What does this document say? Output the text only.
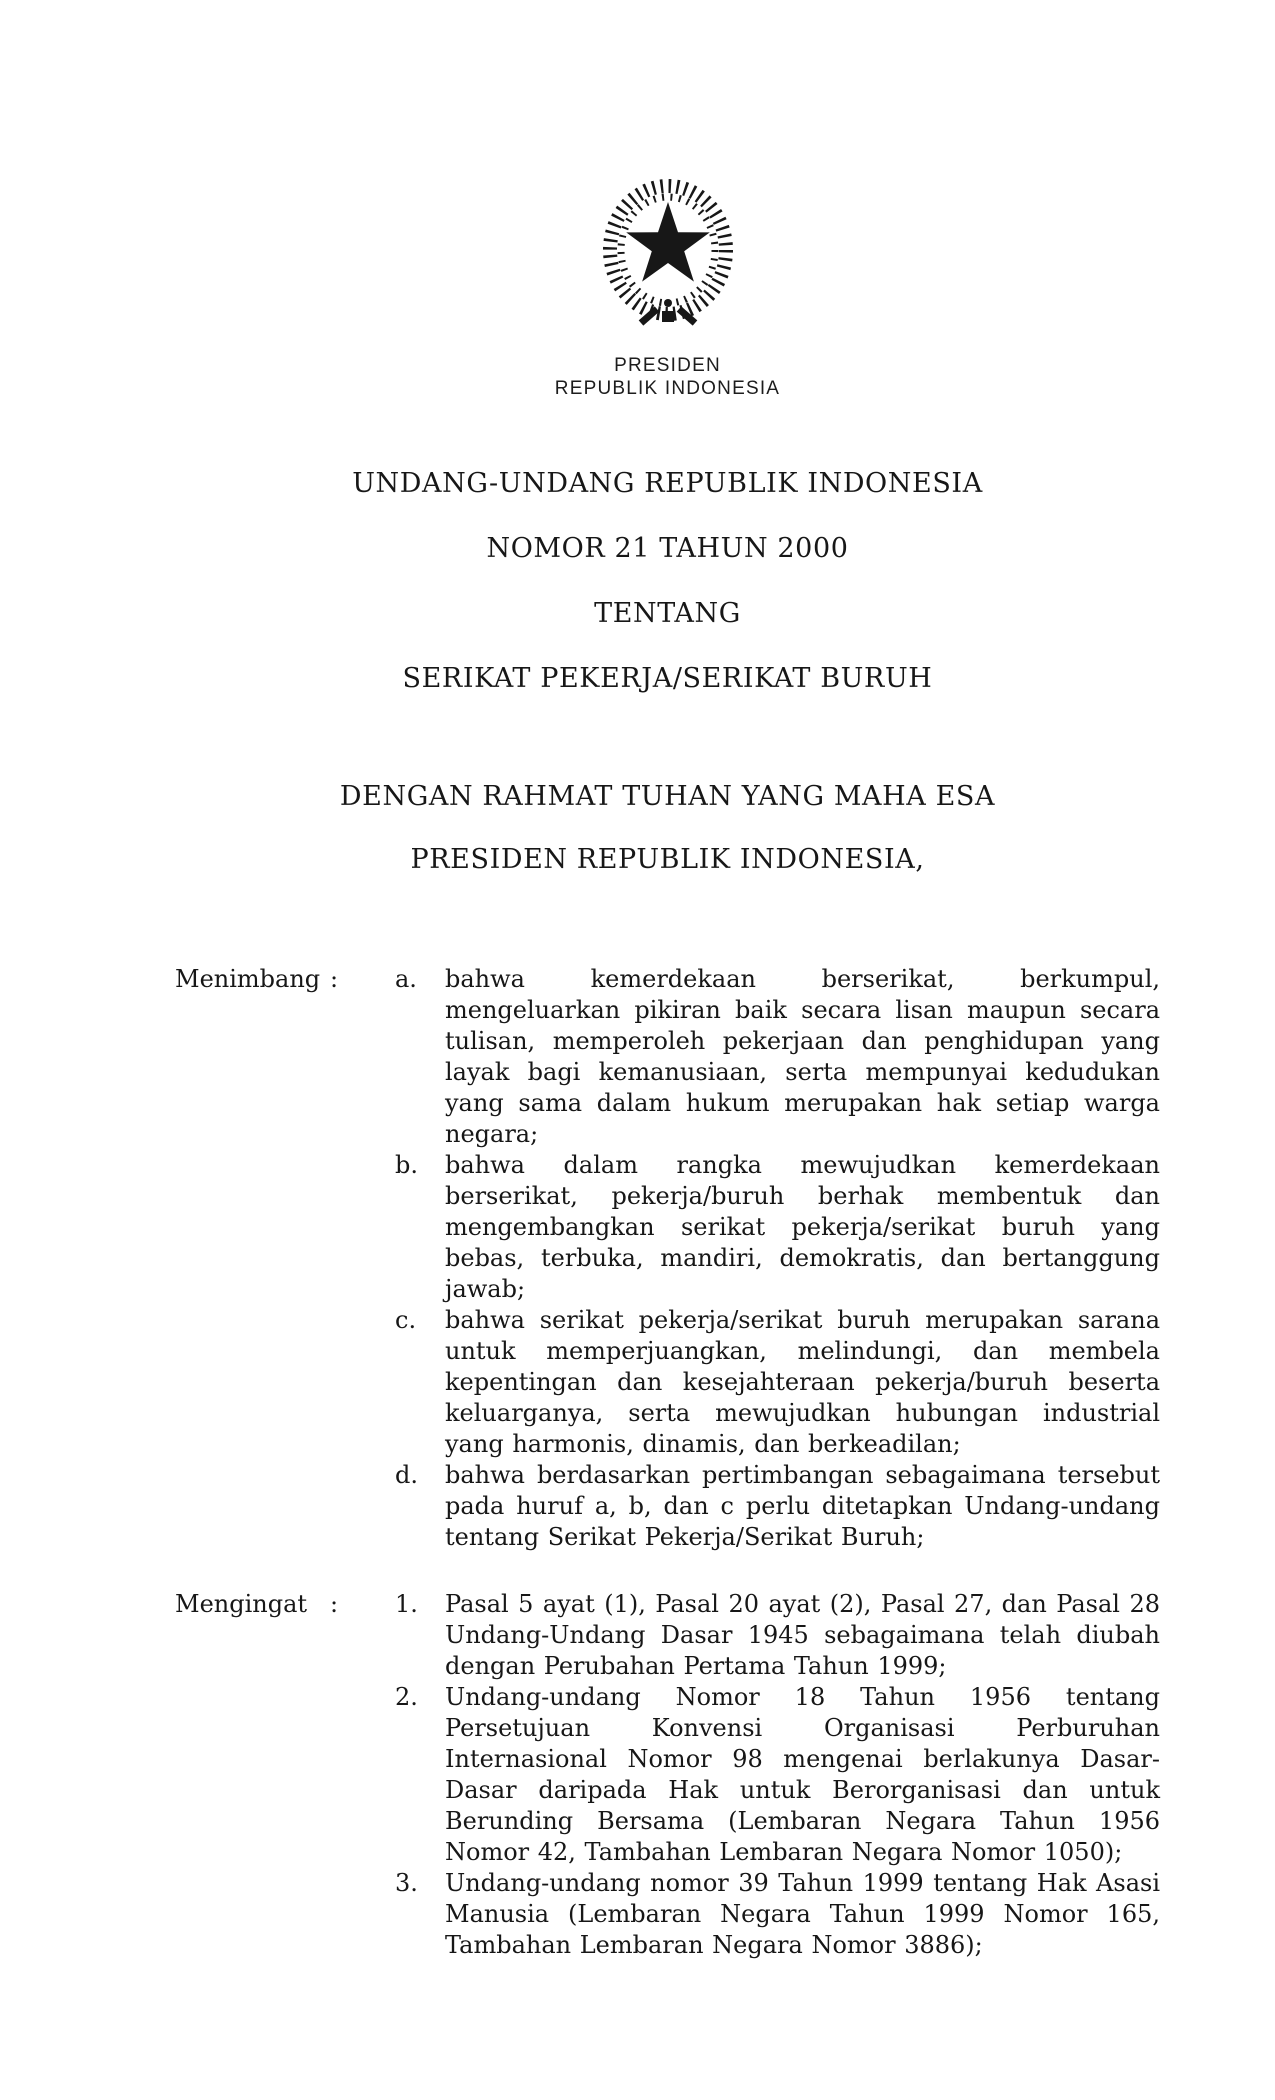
PRESIDEN
REPUBLIK INDONESIA
UNDANG-UNDANG REPUBLIK INDONESIA
NOMOR 21 TAHUN 2000
TENTANG
SERIKAT PEKERJA/SERIKAT BURUH
DENGAN RAHMAT TUHAN YANG MAHA ESA
PRESIDEN REPUBLIK INDONESIA,
Menimbang :	a.	bahwa kemerdekaan berserikat, berkumpul, mengeluarkan pikiran baik secara lisan maupun secara tulisan, memperoleh pekerjaan dan penghidupan yang layak bagi kemanusiaan, serta mempunyai kedudukan yang sama dalam hukum merupakan hak setiap warga negara;
b.	bahwa dalam rangka mewujudkan kemerdekaan berserikat, pekerja/buruh berhak membentuk dan mengembangkan serikat pekerja/serikat buruh yang bebas, terbuka, mandiri, demokratis, dan bertanggung jawab;
c.	bahwa serikat pekerja/serikat buruh merupakan sarana untuk memperjuangkan, melindungi, dan membela kepentingan dan kesejahteraan pekerja/buruh beserta keluarganya, serta mewujudkan hubungan industrial yang harmonis, dinamis, dan berkeadilan;
d.	bahwa berdasarkan pertimbangan sebagaimana tersebut pada huruf a, b, dan c perlu ditetapkan Undang-undang tentang Serikat Pekerja/Serikat Buruh;
Mengingat :	1.	Pasal 5 ayat (1), Pasal 20 ayat (2), Pasal 27, dan Pasal 28 Undang-Undang Dasar 1945 sebagaimana telah diubah dengan Perubahan Pertama Tahun 1999;
2.	Undang-undang Nomor 18 Tahun 1956 tentang Persetujuan Konvensi Organisasi Perburuhan Internasional Nomor 98 mengenai berlakunya Dasar-Dasar daripada Hak untuk Berorganisasi dan untuk Berunding Bersama (Lembaran Negara Tahun 1956 Nomor 42, Tambahan Lembaran Negara Nomor 1050);
3.	Undang-undang nomor 39 Tahun 1999 tentang Hak Asasi Manusia (Lembaran Negara Tahun 1999 Nomor 165, Tambahan Lembaran Negara Nomor 3886);
